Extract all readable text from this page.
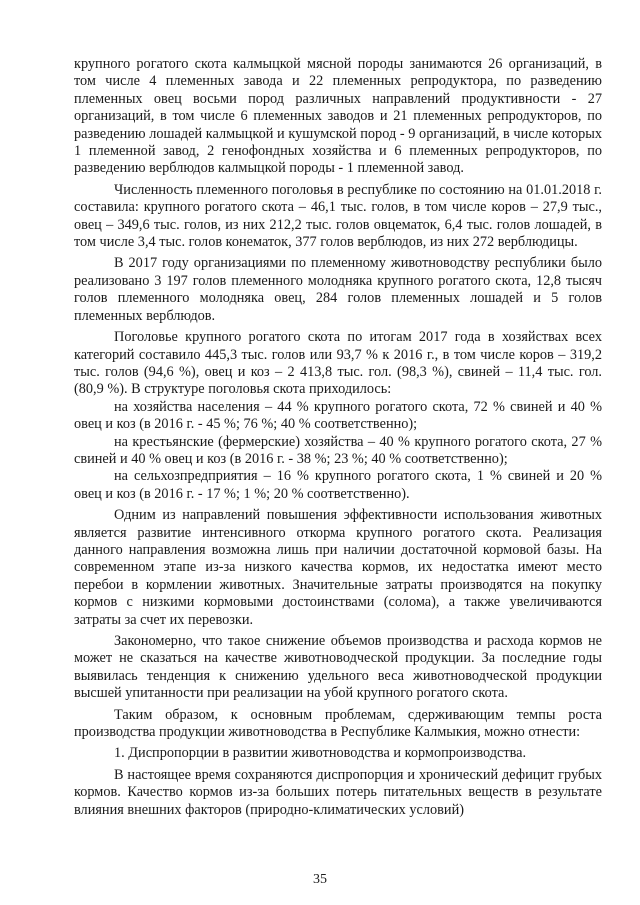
крупного рогатого скота калмыцкой мясной породы занимаются 26 организаций, в том числе 4 племенных завода и 22 племенных репродуктора, по разведению племенных овец восьми пород различных направлений продуктивности - 27 организаций, в том числе 6 племенных заводов и 21 племенных репродукторов, по разведению лошадей калмыцкой и кушумской пород - 9 организаций, в числе которых 1 племенной завод, 2 генофондных хозяйства и 6 племенных репродукторов, по разведению верблюдов калмыцкой породы - 1 племенной завод.

Численность племенного поголовья в республике по состоянию на 01.01.2018 г. составила: крупного рогатого скота – 46,1 тыс. голов, в том числе коров – 27,9 тыс., овец – 349,6 тыс. голов, из них 212,2 тыс. голов овцематок, 6,4 тыс. голов лошадей, в том числе 3,4 тыс. голов конематок, 377 голов верблюдов, из них 272 верблюдицы.

В 2017 году организациями по племенному животноводству республики было реализовано 3 197 голов племенного молодняка крупного рогатого скота, 12,8 тысяч голов племенного молодняка овец, 284 голов племенных лошадей и 5 голов племенных верблюдов.

Поголовье крупного рогатого скота по итогам 2017 года в хозяйствах всех категорий составило 445,3 тыс. голов или 93,7 % к 2016 г., в том числе коров – 319,2 тыс. голов (94,6 %), овец и коз – 2 413,8 тыс. гол. (98,3 %), свиней – 11,4 тыс. гол. (80,9 %). В структуре поголовья скота приходилось:

на хозяйства населения – 44 % крупного рогатого скота, 72 % свиней и 40 % овец и коз (в 2016 г. - 45 %; 76 %; 40 % соответственно);

на крестьянские (фермерские) хозяйства – 40 % крупного рогатого скота, 27 % свиней и 40 % овец и коз (в 2016 г. - 38 %; 23 %; 40 % соответственно);

на сельхозпредприятия – 16 % крупного рогатого скота, 1 % свиней и 20 % овец и коз (в 2016 г. - 17 %; 1 %; 20 % соответственно).

Одним из направлений повышения эффективности использования животных является развитие интенсивного откорма крупного рогатого скота. Реализация данного направления возможна лишь при наличии достаточной кормовой базы. На современном этапе из-за низкого качества кормов, их недостатка имеют место перебои в кормлении животных. Значительные затраты производятся на покупку кормов с низкими кормовыми достоинствами (солома), а также увеличиваются затраты за счет их перевозки.

Закономерно, что такое снижение объемов производства и расхода кормов не может не сказаться на качестве животноводческой продукции. За последние годы выявилась тенденция к снижению удельного веса животноводческой продукции высшей упитанности при реализации на убой крупного рогатого скота.

Таким образом, к основным проблемам, сдерживающим темпы роста производства продукции животноводства в Республике Калмыкия, можно отнести:

1. Диспропорции в развитии животноводства и кормопроизводства.

В настоящее время сохраняются диспропорция и хронический дефицит грубых кормов. Качество кормов из-за больших потерь питательных веществ в результате влияния внешних факторов (природно-климатических условий)

35
